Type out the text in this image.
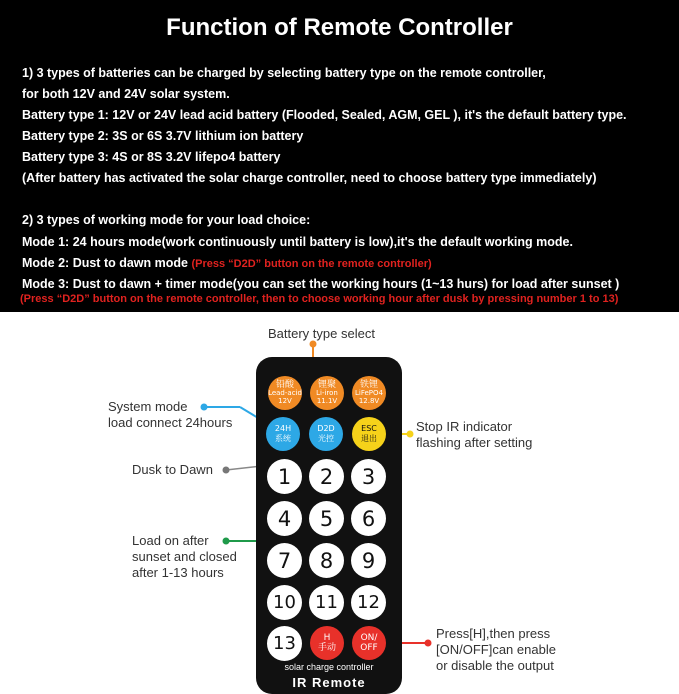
Function of Remote Controller
1) 3 types of batteries can be charged by selecting battery type on the remote controller,
for both 12V and 24V solar system.
Battery type 1: 12V or 24V lead acid battery (Flooded, Sealed, AGM, GEL ), it's the default battery type.
Battery type 2: 3S or 6S 3.7V lithium ion battery
Battery type 3: 4S or 8S 3.2V lifepo4 battery
(After battery has activated the solar charge controller, need to choose battery type immediately)
2) 3 types of working mode for your load choice:
Mode 1: 24 hours mode(work continuously until battery is low),it's the default working mode.
Mode 2: Dust to dawn mode (Press “D2D” button on the remote controller)
Mode 3: Dust to dawn + timer mode(you can set the working hours (1~13 hurs) for load after sunset )
(Press “D2D” button on the remote controller, then to choose working hour after dusk by pressing number 1 to 13)
Battery type select
System mode
load connect 24hours	Stop IR indicator
flashing after setting
Dusk to Dawn
Load on after
sunset and closed
after 1-13 hours
Press[H],then press
[ON/OFF]can enable
or disable the output
铅酸
Lead-acid
12V
锂聚
Li-iron
11.1V
铁锂
LiFePO4
12.8V
24H
系统
D2D
光控
ESC
退出
1	2	3
4	5	6
7	8	9
10	11	12
13	H
手动
ON/
OFF
solar charge controller
IR Remote
